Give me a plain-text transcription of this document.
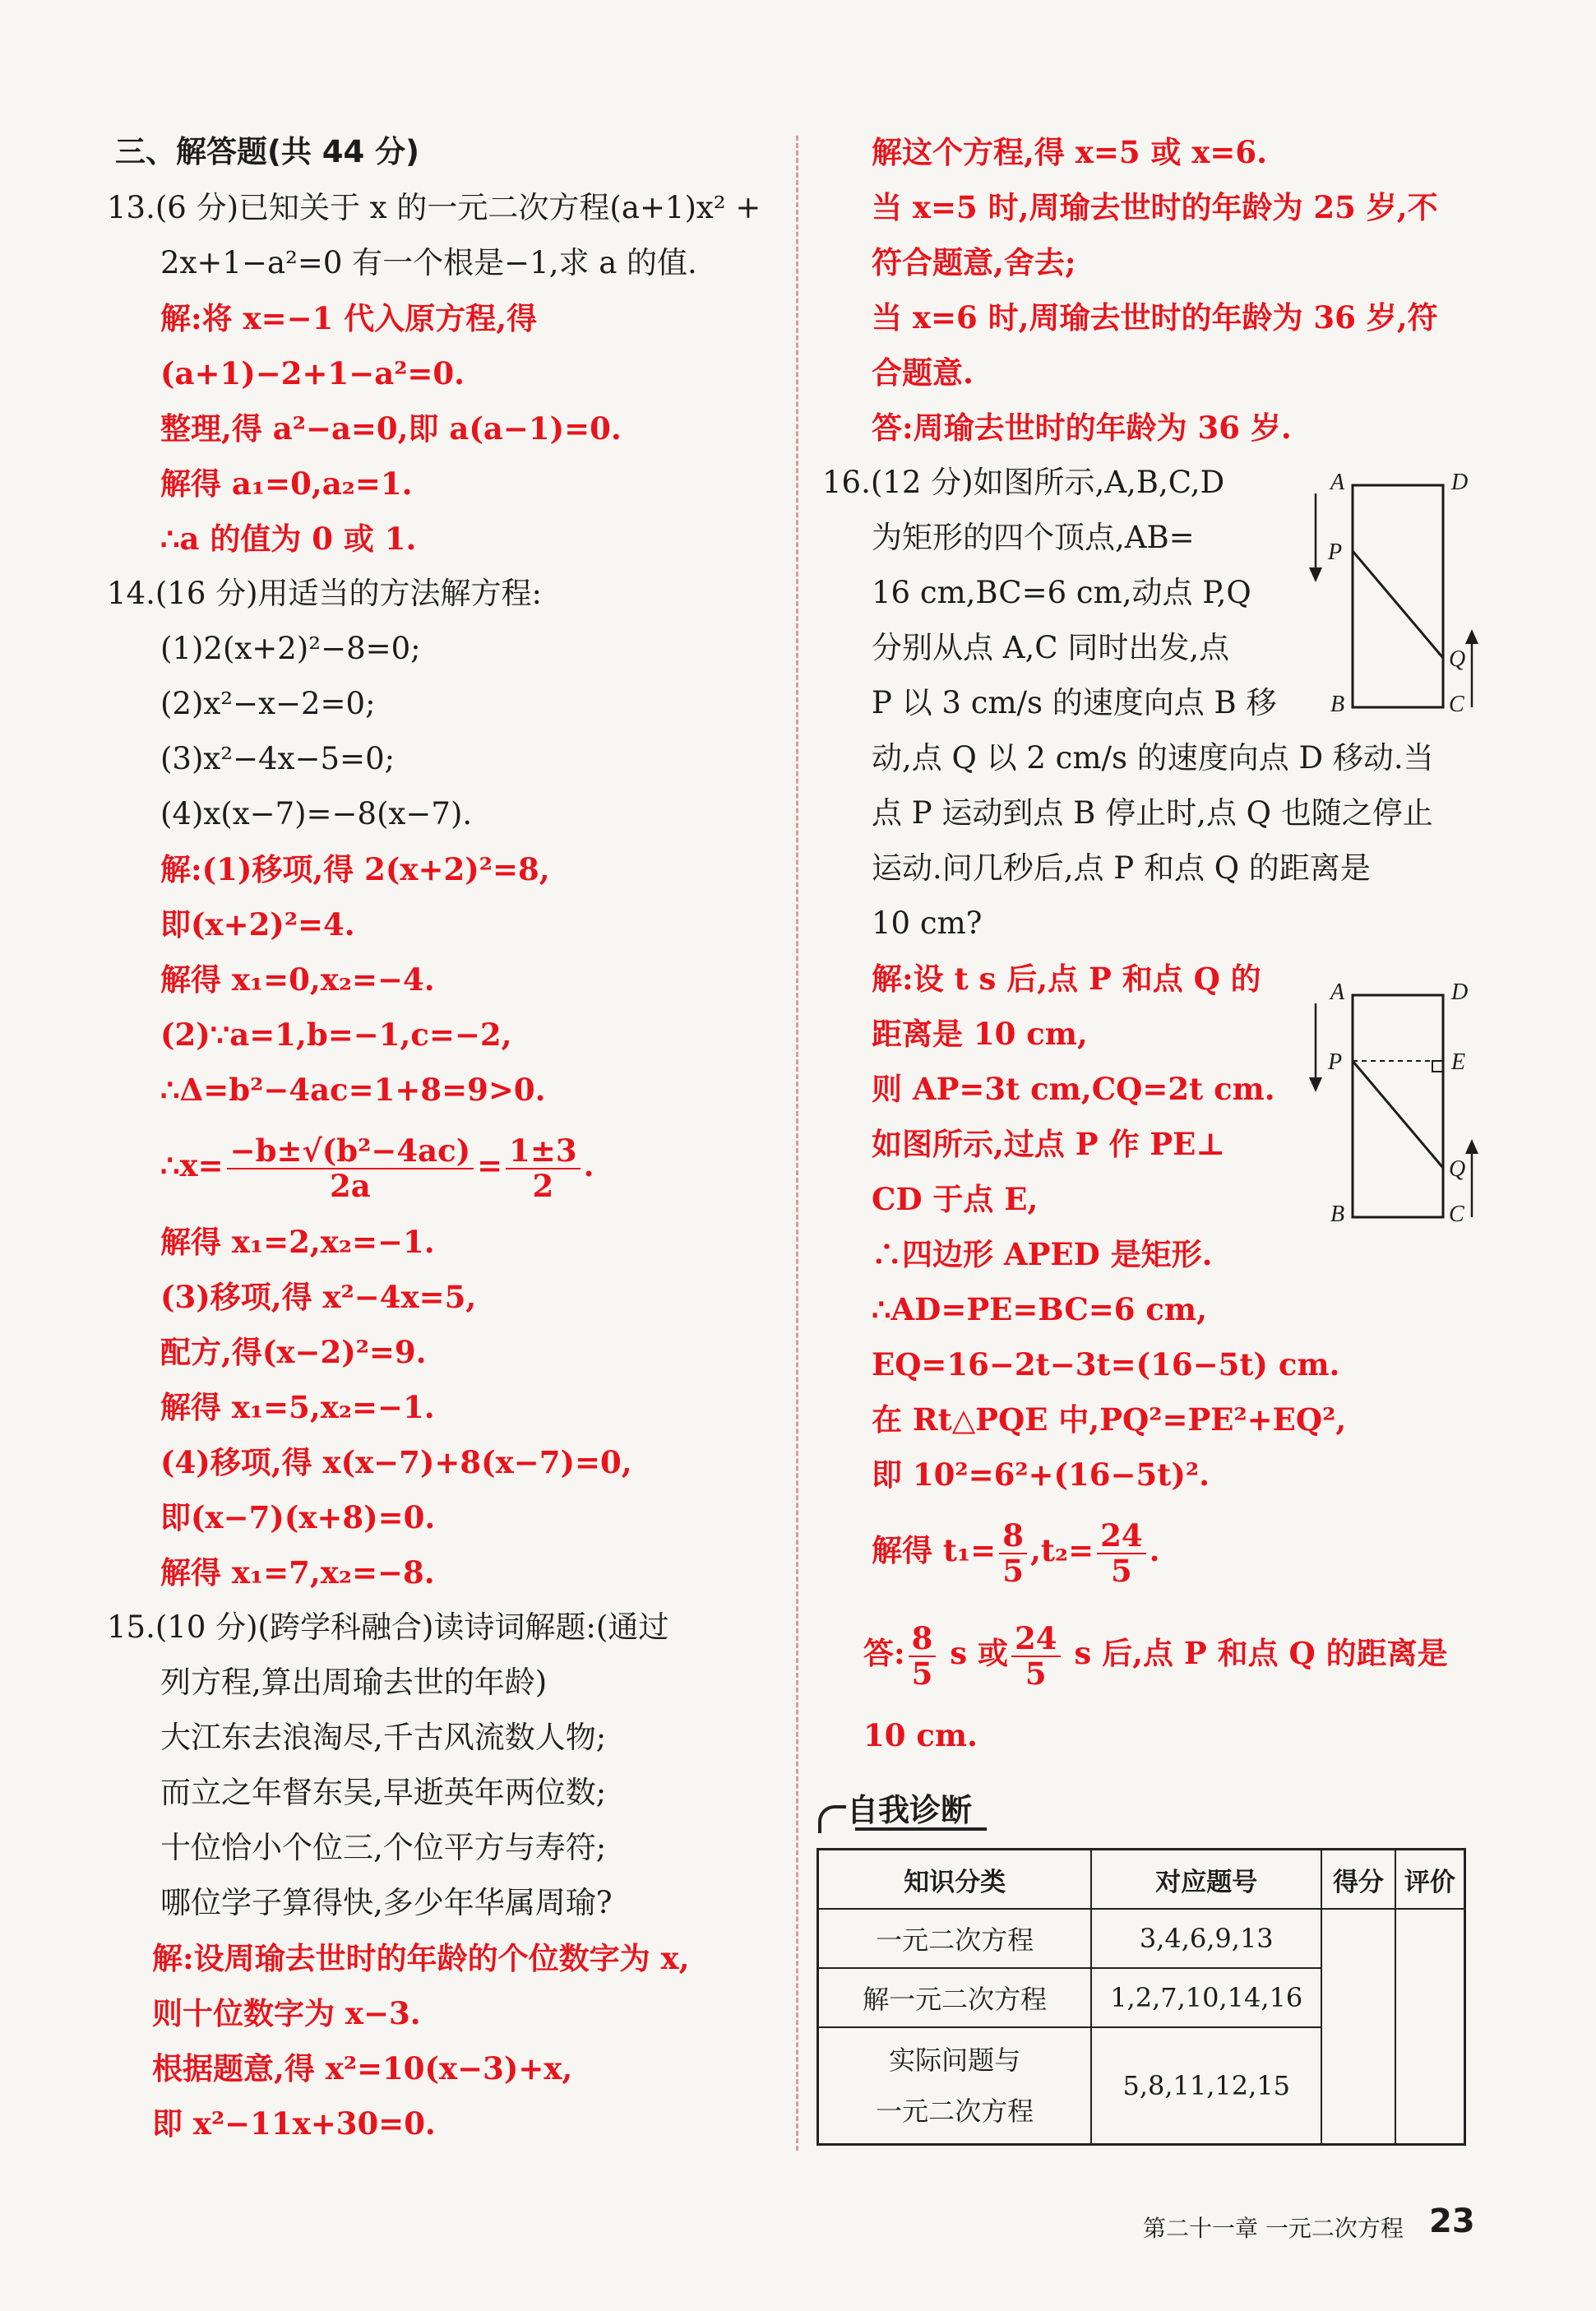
三、解答题(共 44 分)
13.(6 分)已知关于 x 的一元二次方程(a+1)x² +
2x+1−a²=0 有一个根是−1,求 a 的值.
解:将 x=−1 代入原方程,得
(a+1)−2+1−a²=0.
整理,得 a²−a=0,即 a(a−1)=0.
解得 a₁=0,a₂=1.
∴a 的值为 0 或 1.
14.(16 分)用适当的方法解方程:
(1)2(x+2)²−8=0;
(2)x²−x−2=0;
(3)x²−4x−5=0;
(4)x(x−7)=−8(x−7).
解:(1)移项,得 2(x+2)²=8,
即(x+2)²=4.
解得 x₁=0,x₂=−4.
(2)∵a=1,b=−1,c=−2,
∴Δ=b²−4ac=1+8=9>0.
∴x= $\frac{\text{−b±√(b²−4ac)}}{2a} = \frac{1\pm 3}{2}$ .
解得 x₁=2,x₂=−1.
(3)移项,得 x²−4x=5,
配方,得(x−2)²=9.
解得 x₁=5,x₂=−1.
(4)移项,得 x(x−7)+8(x−7)=0,
即(x−7)(x+8)=0.
解得 x₁=7,x₂=−8.
15.(10 分)(跨学科融合)读诗词解题:(通过
列方程,算出周瑜去世的年龄)
大江东去浪淘尽,千古风流数人物;
而立之年督东吴,早逝英年两位数;
十位恰小个位三,个位平方与寿符;
哪位学子算得快,多少年华属周瑜?
解:设周瑜去世时的年龄的个位数字为 x,
则十位数字为 x−3.
根据题意,得 x²=10(x−3)+x,
即 x²−11x+30=0.
解这个方程,得 x=5 或 x=6.
当 x=5 时,周瑜去世时的年龄为 25 岁,不
符合题意,舍去;
当 x=6 时,周瑜去世时的年龄为 36 岁,符
合题意.
答:周瑜去世时的年龄为 36 岁.
16.(12 分)如图所示,A,B,C,D
为矩形的四个顶点,AB=
16 cm,BC=6 cm,动点 P,Q
分别从点 A,C 同时出发,点
P 以 3 cm/s 的速度向点 B 移
动,点 Q 以 2 cm/s 的速度向点 D 移动.当
点 P 运动到点 B 停止时,点 Q 也随之停止
运动.问几秒后,点 P 和点 Q 的距离是
10 cm?
解:设 t s 后,点 P 和点 Q 的
距离是 10 cm,
则 AP=3t cm,CQ=2t cm.
如图所示,过点 P 作 PE⊥
CD 于点 E,
∴四边形 APED 是矩形.
∴AD=PE=BC=6 cm,
EQ=16−2t−3t=(16−5t) cm.
在 Rt△PQE 中,PQ²=PE²+EQ²,
即 10²=6²+(16−5t)².
解得 $t_1= \frac{8}{5} ,t_2= \frac{24}{5}$ .
答: $\frac{8}{5}$ s 或 $\frac{24}{5}$ s 后,点 P 和点 Q 的距离是
10 cm.
A	D
P
Q
B	C
A	D
P	E
Q
B	C
自我诊断
知识分类	对应题号	得分	评价
一元二次方程	3,4,6,9,13		
解一元二次方程	1,2,7,10,14,16		

实际问题与
一元二次方程	5,8,11,12,15		
第二十一章 一元二次方程 23
